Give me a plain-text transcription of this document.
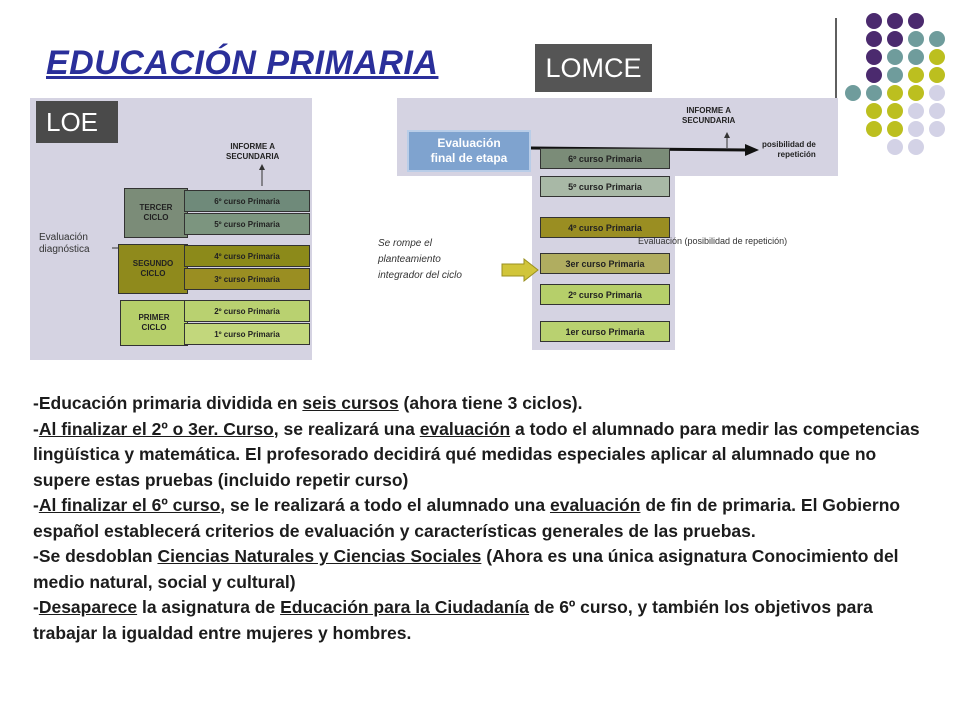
EDUCACIÓN PRIMARIA
LOE
INFORME A
SECUNDARIA
Evaluación
diagnóstica
TERCER
CICLO
6º curso Primaria
5º curso Primaria
SEGUNDO
CICLO
4º curso Primaria
3º curso Primaria
PRIMER
CICLO
2º curso Primaria
1º curso Primaria
LOMCE
INFORME A
SECUNDARIA
posibilidad de
repetición
Evaluación
final de etapa	6º curso Primaria
5º curso Primaria
4º curso Primaria
3er curso Primaria
2º curso Primaria
1er curso Primaria
Se rompe el
planteamiento
integrador del ciclo
Evaluación (posibilidad de repetición)

-Educación primaria dividida en seis cursos (ahora tiene 3 ciclos).

-Al finalizar el 2º o 3er. Curso, se realizará una evaluación a todo el alumnado para medir las competencias lingüística y matemática. El profesorado decidirá qué medidas especiales aplicar al alumnado que no supere estas pruebas (incluido repetir curso)

-Al finalizar el 6º curso, se le realizará a todo el alumnado una evaluación de fin de primaria. El Gobierno español establecerá criterios de evaluación y características generales de las pruebas.

-Se desdoblan Ciencias Naturales y Ciencias Sociales (Ahora es una única asignatura Conocimiento del medio natural, social y cultural)

-Desaparece la asignatura de Educación para la Ciudadanía de 6º curso, y también los objetivos para trabajar la igualdad entre mujeres y hombres.
